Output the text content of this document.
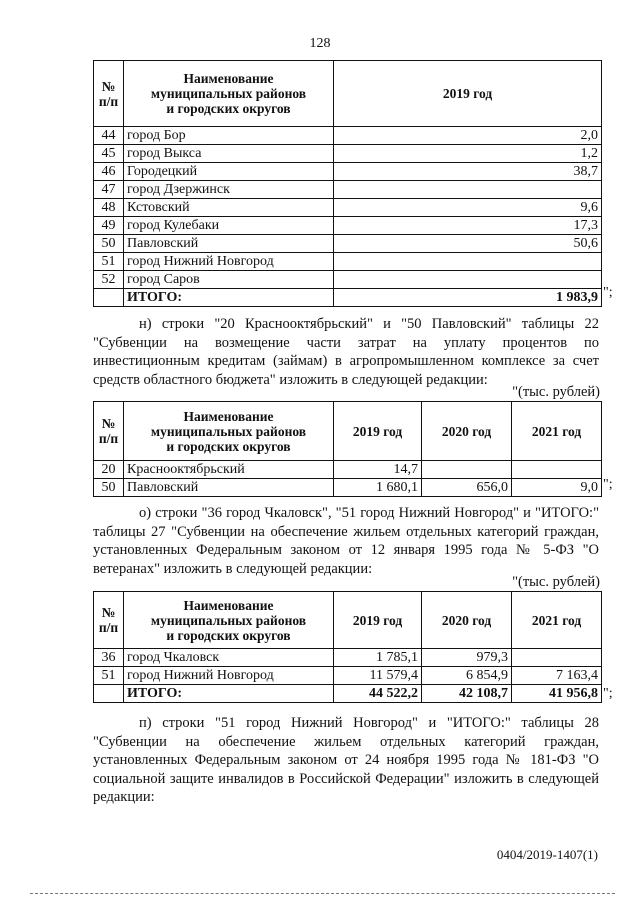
128
№
п/п	Наименование
муниципальных районов
и городских округов	2019 год
44	город Бор	2,0
45	город Выкса	1,2
46	Городецкий	38,7
47	город Дзержинск	
48	Кстовский	9,6
49	город Кулебаки	17,3
50	Павловский	50,6
51	город Нижний Новгород	
52	город Саров	
	ИТОГО:	1 983,9 ";
н) строки "20 Краснооктябрьский" и "50 Павловский" таблицы 22 "Субвенции на возмещение части затрат на уплату процентов по инвестиционным кредитам (займам) в агропромышленном комплексе за счет средств областного бюджета" изложить в следующей редакции:
"(тыс. рублей)
№
п/п	Наименование
муниципальных районов
и городских округов	2019 год	2020 год	2021 год
20	Краснооктябрьский	14,7		
50	Павловский	1 680,1	656,0	9,0 ";
о) строки "36 город Чкаловск", "51 город Нижний Новгород" и "ИТОГО:" таблицы 27 "Субвенции на обеспечение жильем отдельных категорий граждан, установленных Федеральным законом от 12 января 1995 года № 5-ФЗ "О ветеранах" изложить в следующей редакции:
"(тыс. рублей)
№
п/п	Наименование
муниципальных районов
и городских округов	2019 год	2020 год	2021 год
36	город Чкаловск	1 785,1	979,3	
51	город Нижний Новгород	11 579,4	6 854,9	7 163,4
	ИТОГО:	44 522,2	42 108,7	41 956,8 ";
п) строки "51 город Нижний Новгород" и "ИТОГО:" таблицы 28 "Субвенции на обеспечение жильем отдельных категорий граждан, установленных Федеральным законом от 24 ноября 1995 года № 181-ФЗ "О социальной защите инвалидов в Российской Федерации" изложить в следующей редакции:
0404/2019-1407(1)
